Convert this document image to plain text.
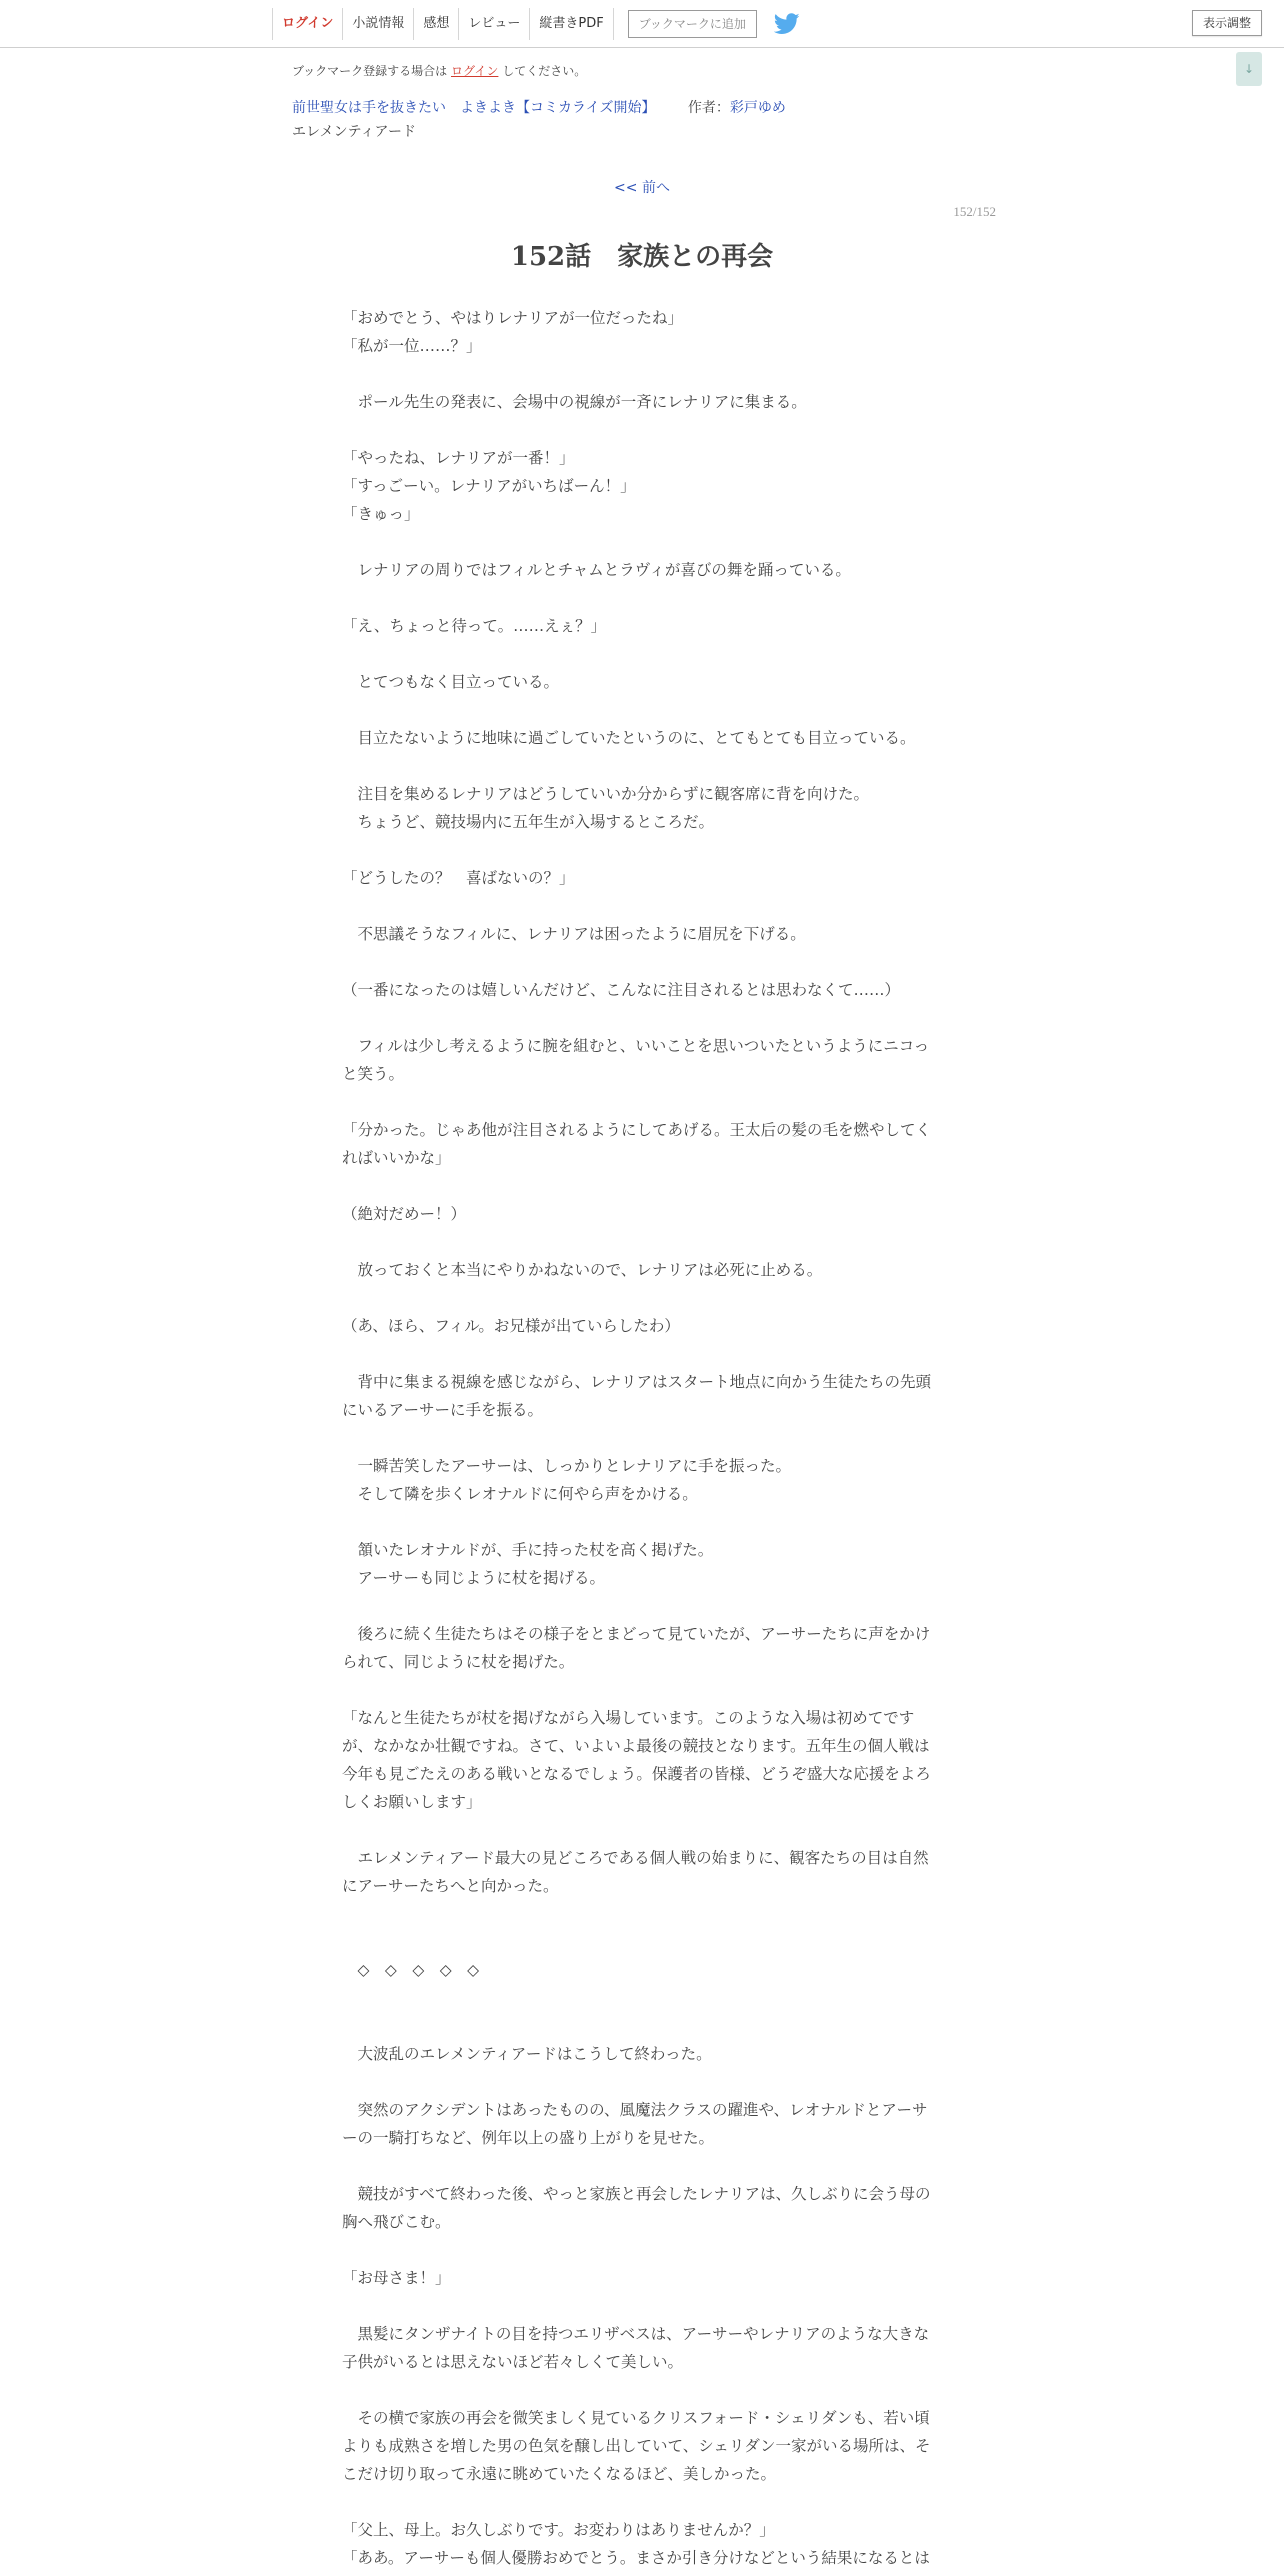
ログイン	小説情報	感想	レビュー	縦書きPDF	ブックマークに追加	表示調整
↓
ブックマーク登録する場合は ログイン してください。
前世聖女は手を抜きたい　よきよき【コミカライズ開始】 作者：彩戸ゆめ
エレメンティアード
<< 前へ
152/152
152話　家族との再会

「おめでとう、やはりレナリアが一位だったね」

「私が一位……？」

　ポール先生の発表に、会場中の視線が一斉にレナリアに集まる。

「やったね、レナリアが一番！」

「すっごーい。レナリアがいちばーん！」

「きゅっ」

　レナリアの周りではフィルとチャムとラヴィが喜びの舞を踊っている。

「え、ちょっと待って。……えぇ？」

　とてつもなく目立っている。

　目立たないように地味に過ごしていたというのに、とてもとても目立っている。

　注目を集めるレナリアはどうしていいか分からずに観客席に背を向けた。

　ちょうど、競技場内に五年生が入場するところだ。

「どうしたの？　喜ばないの？」

　不思議そうなフィルに、レナリアは困ったように眉尻を下げる。

（一番になったのは嬉しいんだけど、こんなに注目されるとは思わなくて……）

　フィルは少し考えるように腕を組むと、いいことを思いついたというようにニコっと笑う。

「分かった。じゃあ他が注目されるようにしてあげる。王太后の髪の毛を燃やしてくればいいかな」

（絶対だめー！）

　放っておくと本当にやりかねないので、レナリアは必死に止める。

（あ、ほら、フィル。お兄様が出ていらしたわ）

　背中に集まる視線を感じながら、レナリアはスタート地点に向かう生徒たちの先頭にいるアーサーに手を振る。

　一瞬苦笑したアーサーは、しっかりとレナリアに手を振った。

　そして隣を歩くレオナルドに何やら声をかける。

　頷いたレオナルドが、手に持った杖を高く掲げた。

　アーサーも同じように杖を掲げる。

　後ろに続く生徒たちはその様子をとまどって見ていたが、アーサーたちに声をかけられて、同じように杖を掲げた。

「なんと生徒たちが杖を掲げながら入場しています。このような入場は初めてですが、なかなか壮観ですね。さて、いよいよ最後の競技となります。五年生の個人戦は今年も見ごたえのある戦いとなるでしょう。保護者の皆様、どうぞ盛大な応援をよろしくお願いします」

　エレメンティアード最大の見どころである個人戦の始まりに、観客たちの目は自然にアーサーたちへと向かった。

　◇　◇　◇　◇　◇

　大波乱のエレメンティアードはこうして終わった。

　突然のアクシデントはあったものの、風魔法クラスの躍進や、レオナルドとアーサーの一騎打ちなど、例年以上の盛り上がりを見せた。

　競技がすべて終わった後、やっと家族と再会したレナリアは、久しぶりに会う母の胸へ飛びこむ。

「お母さま！」

　黒髪にタンザナイトの目を持つエリザベスは、アーサーやレナリアのような大きな子供がいるとは思えないほど若々しくて美しい。

　その横で家族の再会を微笑ましく見ているクリスフォード・シェリダンも、若い頃よりも成熟さを増した男の色気を醸し出していて、シェリダン一家がいる場所は、そこだけ切り取って永遠に眺めていたくなるほど、美しかった。

「父上、母上。お久しぶりです。お変わりはありませんか？」

「ああ。アーサーも個人優勝おめでとう。まさか引き分けなどという結果になるとは
